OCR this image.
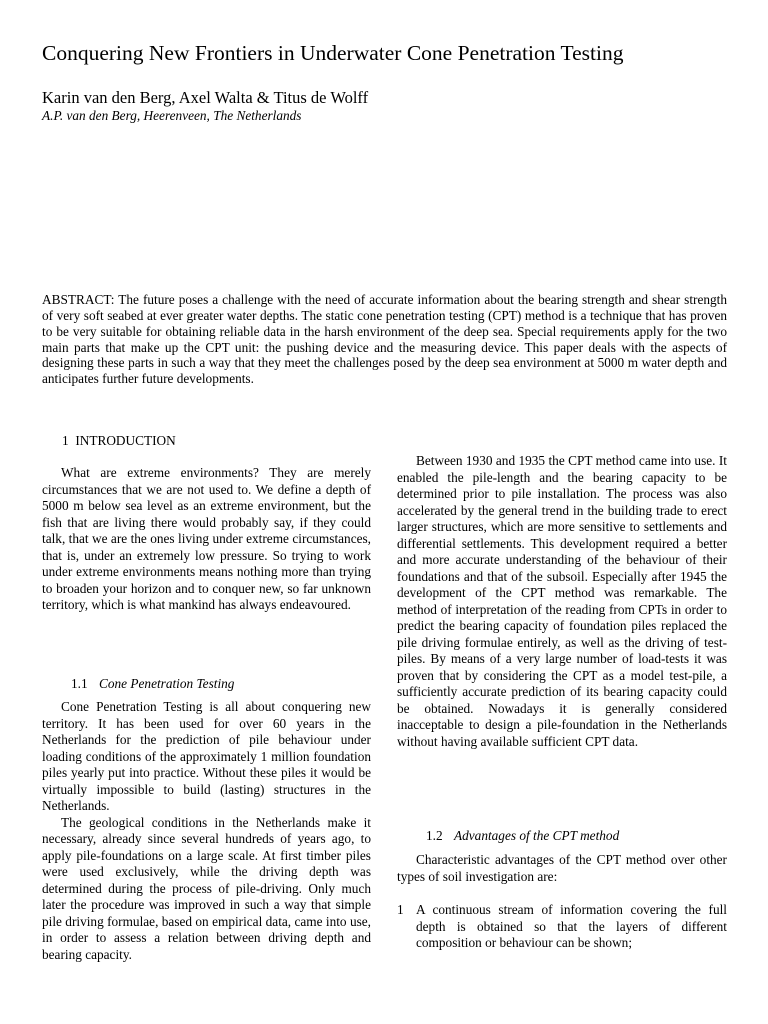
Conquering New Frontiers in Underwater Cone Penetration Testing
Karin van den Berg, Axel Walta & Titus de Wolff
A.P. van den Berg, Heerenveen, The Netherlands
ABSTRACT: The future poses a challenge with the need of accurate information about the bearing strength and shear strength of very soft seabed at ever greater water depths. The static cone penetration testing (CPT) method is a technique that has proven to be very suitable for obtaining reliable data in the harsh environment of the deep sea. Special requirements apply for the two main parts that make up the CPT unit: the pushing device and the measuring device. This paper deals with the aspects of designing these parts in such a way that they meet the challenges posed by the deep sea environment at 5000 m water depth and anticipates further future developments.
1 INTRODUCTION

What are extreme environments? They are merely circumstances that we are not used to. We define a depth of 5000 m below sea level as an extreme environment, but the fish that are living there would probably say, if they could talk, that we are the ones living under extreme circumstances, that is, under an extremely low pressure. So trying to work under extreme environments means nothing more than trying to broaden your horizon and to conquer new, so far unknown territory, which is what mankind has always endeavoured.

1.1 Cone Penetration Testing

Cone Penetration Testing is all about conquering new territory. It has been used for over 60 years in the Netherlands for the prediction of pile behaviour under loading conditions of the approximately 1 million foundation piles yearly put into practice. Without these piles it would be virtually impossible to build (lasting) structures in the Netherlands.

The geological conditions in the Netherlands make it necessary, already since several hundreds of years ago, to apply pile-foundations on a large scale. At first timber piles were used exclusively, while the driving depth was determined during the process of pile-driving. Only much later the procedure was improved in such a way that simple pile driving formulae, based on empirical data, came into use, in order to assess a relation between driving depth and bearing capacity.

Between 1930 and 1935 the CPT method came into use. It enabled the pile-length and the bearing capacity to be determined prior to pile installation. The process was also accelerated by the general trend in the building trade to erect larger structures, which are more sensitive to settlements and differential settlements. This development required a better and more accurate understanding of the behaviour of their foundations and that of the subsoil. Especially after 1945 the development of the CPT method was remarkable. The method of interpretation of the reading from CPTs in order to predict the bearing capacity of foundation piles replaced the pile driving formulae entirely, as well as the driving of test-piles. By means of a very large number of load-tests it was proven that by considering the CPT as a model test-pile, a sufficiently accurate prediction of its bearing capacity could be obtained. Nowadays it is generally considered inacceptable to design a pile-foundation in the Netherlands without having available sufficient CPT data.

1.2 Advantages of the CPT method

Characteristic advantages of the CPT method over other types of soil investigation are:

1 A continuous stream of information covering the full depth is obtained so that the layers of different composition or behaviour can be shown;
